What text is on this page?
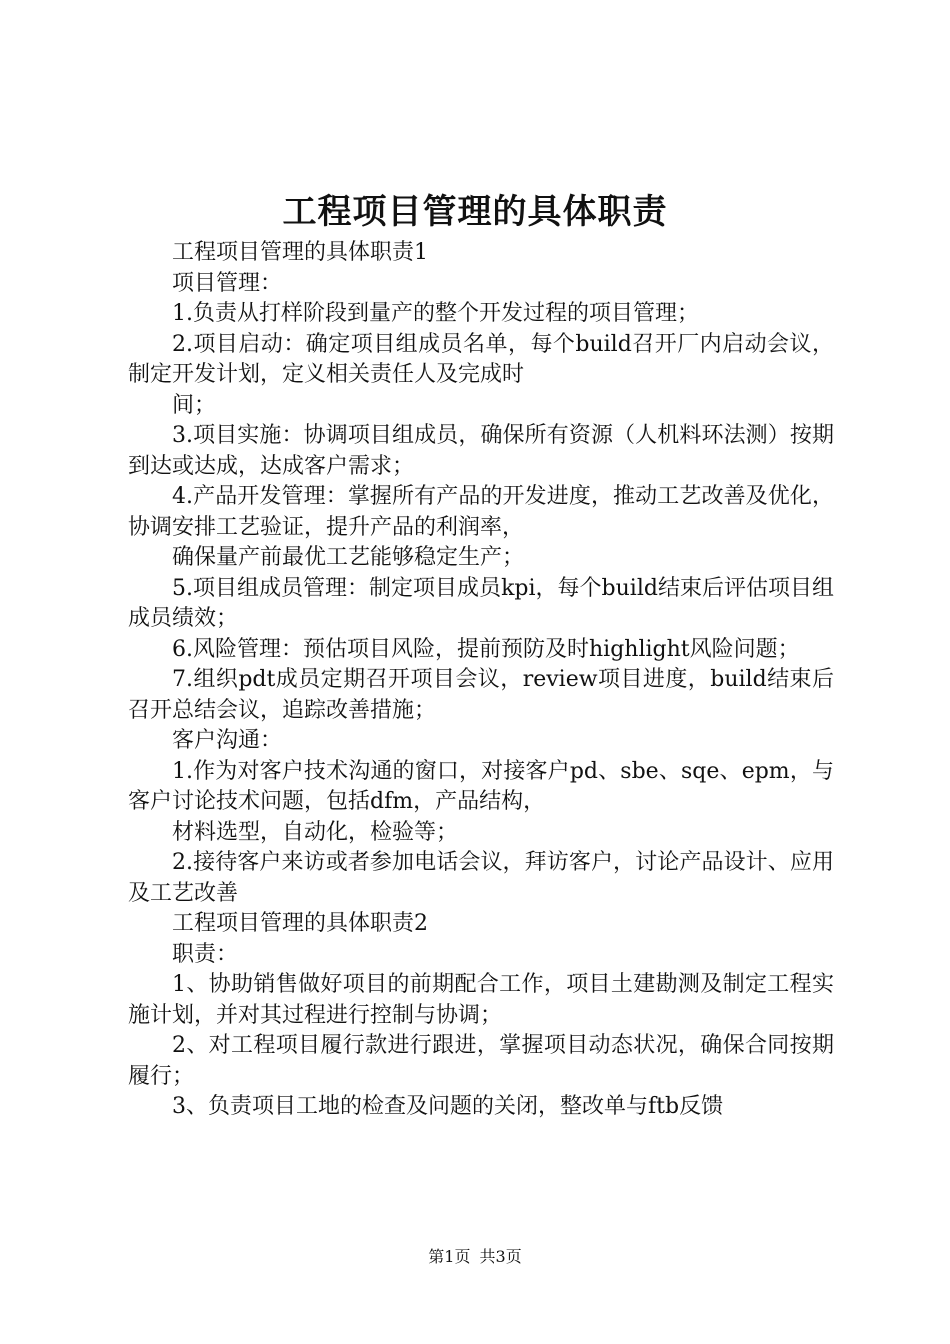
工程项目管理的具体职责

工程项目管理的具体职责1

项目管理：

1.负责从打样阶段到量产的整个开发过程的项目管理；

2.项目启动：确定项目组成员名单，每个build召开厂内启动会议，制定开发计划，定义相关责任人及完成时

间；

3.项目实施：协调项目组成员，确保所有资源（人机料环法测）按期到达或达成，达成客户需求；

4.产品开发管理：掌握所有产品的开发进度，推动工艺改善及优化，协调安排工艺验证，提升产品的利润率，

确保量产前最优工艺能够稳定生产；

5.项目组成员管理：制定项目成员kpi，每个build结束后评估项目组成员绩效；

6.风险管理：预估项目风险，提前预防及时highlight风险问题；

7.组织pdt成员定期召开项目会议，review项目进度，build结束后召开总结会议，追踪改善措施；

客户沟通：

1.作为对客户技术沟通的窗口，对接客户pd、sbe、sqe、epm，与客户讨论技术问题，包括dfm，产品结构，

材料选型，自动化，检验等；

2.接待客户来访或者参加电话会议，拜访客户，讨论产品设计、应用及工艺改善

工程项目管理的具体职责2

职责：

1、协助销售做好项目的前期配合工作，项目土建勘测及制定工程实施计划，并对其过程进行控制与协调；

2、对工程项目履行款进行跟进，掌握项目动态状况，确保合同按期履行；

3、负责项目工地的检查及问题的关闭，整改单与ftb反馈

第1页 共3页
